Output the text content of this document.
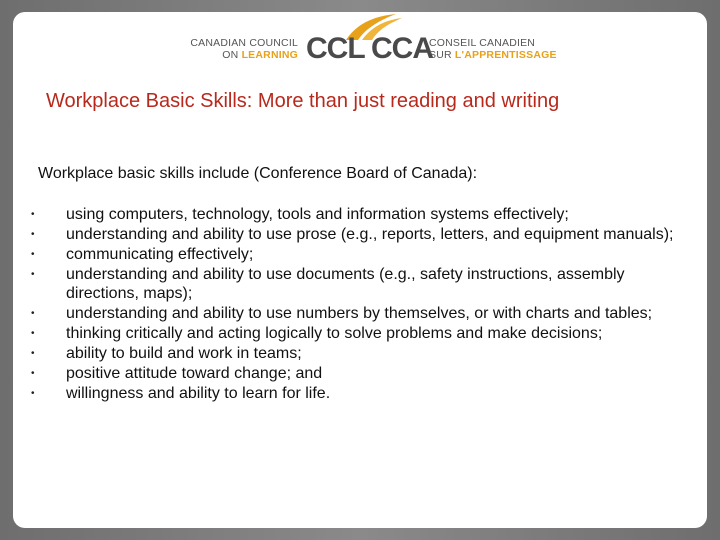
CANADIAN COUNCIL
ON LEARNING CCL CCA
CONSEIL CANADIEN
SUR L'APPRENTISSAGE
Workplace Basic Skills: More than just reading and writing
Workplace basic skills include (Conference Board of Canada):
•	using computers, technology, tools and information systems effectively;
•	understanding and ability to use prose (e.g., reports, letters, and equipment manuals);
•	communicating effectively;
•	understanding and ability to use documents (e.g., safety instructions, assembly directions, maps);
•	understanding and ability to use numbers by themselves, or with charts and tables;
•	thinking critically and acting logically to solve problems and make decisions;
•	ability to build and work in teams;
•	positive attitude toward change; and
•	willingness and ability to learn for life.
